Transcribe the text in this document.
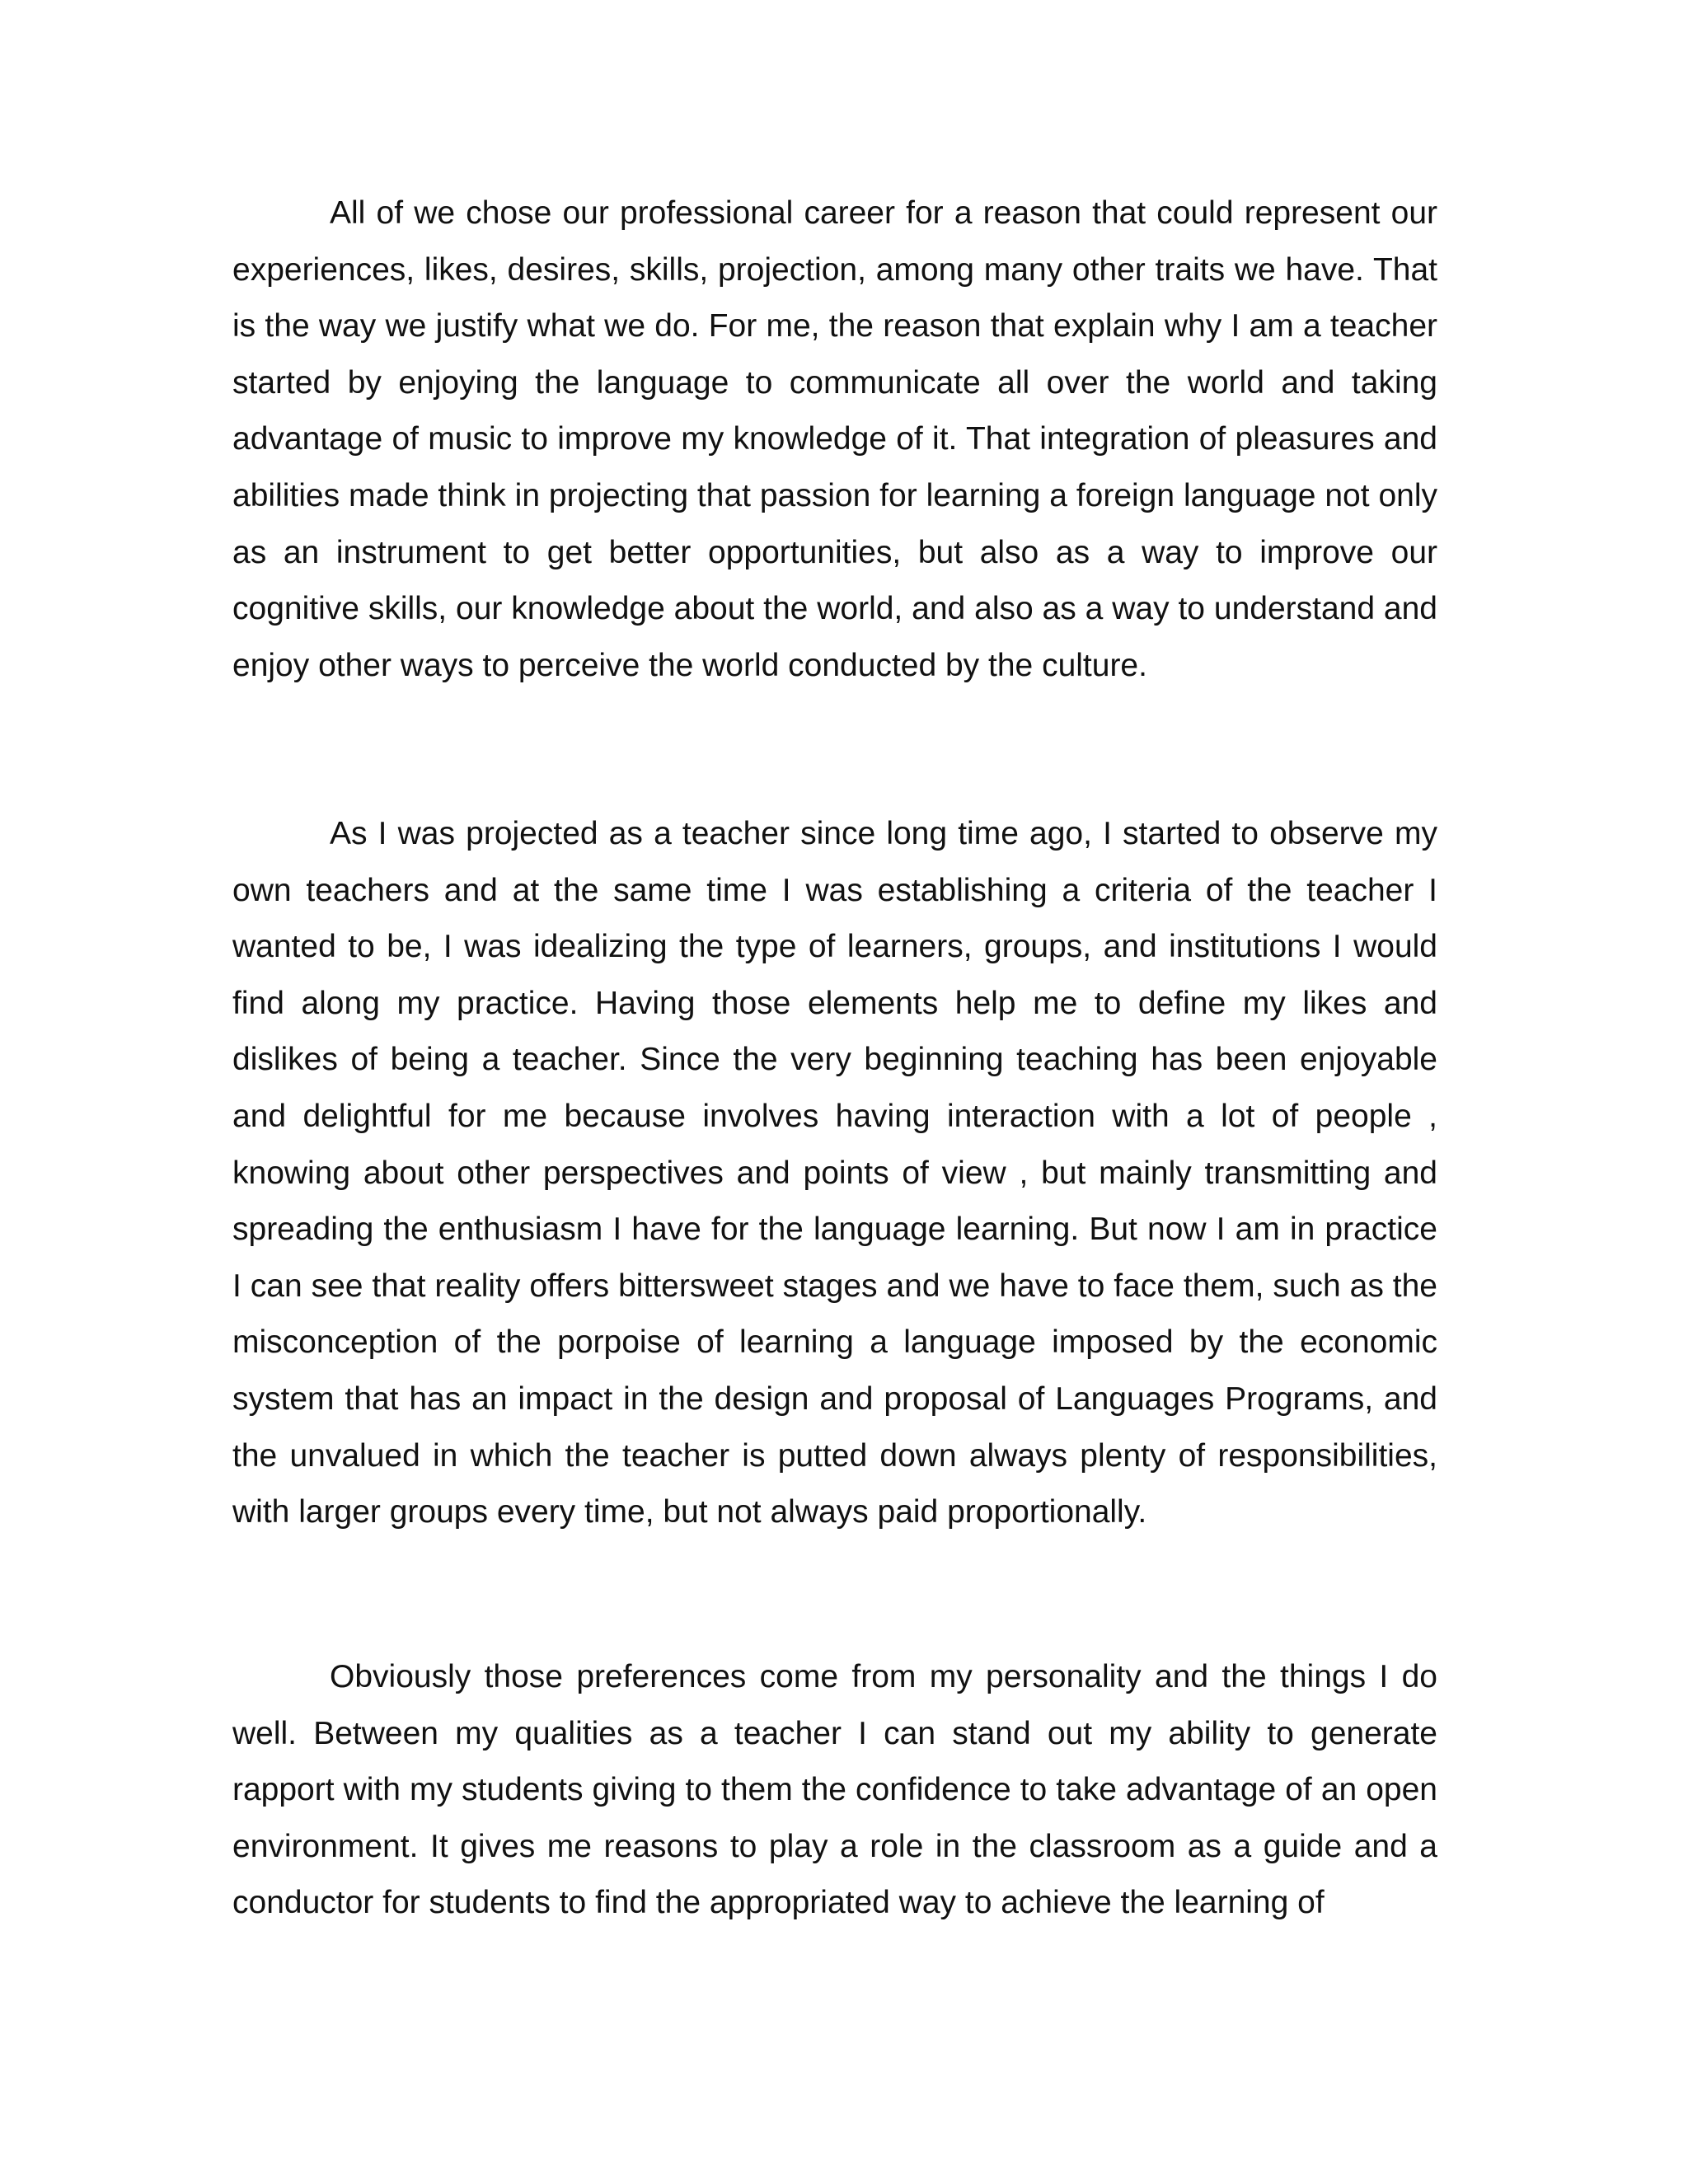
All of we chose our professional career for a reason that could represent our experiences, likes, desires, skills, projection, among many other traits we have. That is the way we justify what we do. For me, the reason that explain why I am a teacher started by enjoying the language to communicate all over the world and taking advantage of music to improve my knowledge of it. That integration of pleasures and abilities made think in projecting that passion for learning a foreign language not only as an instrument to get better opportunities, but also as a way to improve our cognitive skills, our knowledge about the world, and also as a way to understand and enjoy other ways to perceive the world conducted by the culture.

As I was projected as a teacher since long time ago, I started to observe my own teachers and at the same time I was establishing a criteria of the teacher I wanted to be, I was idealizing the type of learners, groups, and institutions I would find along my practice. Having those elements help me to define my likes and dislikes of being a teacher. Since the very beginning teaching has been enjoyable and delightful for me because involves having interaction with a lot of people , knowing about other perspectives and points of view , but mainly transmitting and spreading the enthusiasm I have for the language learning. But now I am in practice I can see that reality offers bittersweet stages and we have to face them, such as the misconception of the porpoise of learning a language imposed by the economic system that has an impact in the design and proposal of Languages Programs, and the unvalued in which the teacher is putted down always plenty of responsibilities, with larger groups every time, but not always paid proportionally.

Obviously those preferences come from my personality and the things I do well. Between my qualities as a teacher I can stand out my ability to generate rapport with my students giving to them the confidence to take advantage of an open environment. It gives me reasons to play a role in the classroom as a guide and a conductor for students to find the appropriated way to achieve the learning of
